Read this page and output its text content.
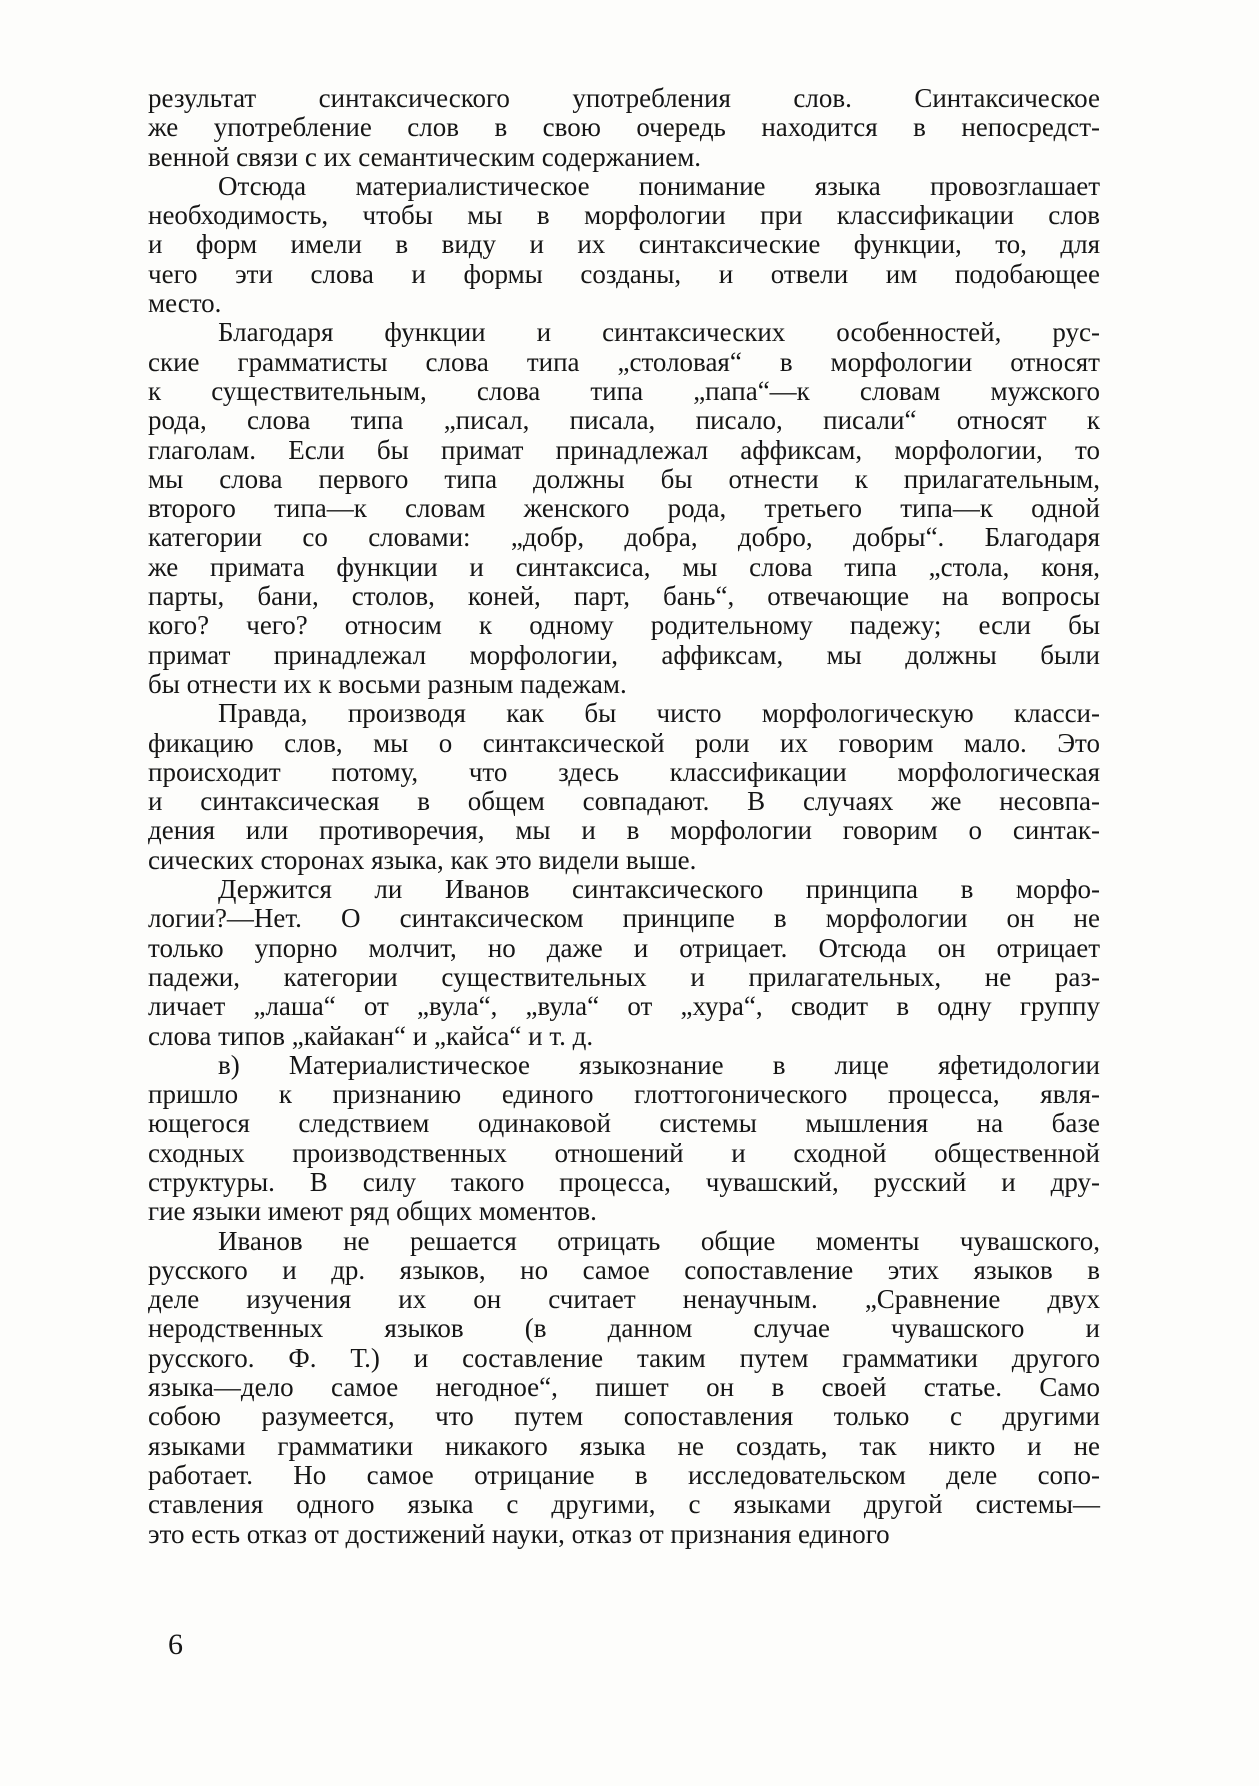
результат синтаксического употребления слов. Синтаксическое
же употребление слов в свою очередь находится в непосредст-
венной связи с их семантическим содержанием.
Отсюда материалистическое понимание языка провозглашает
необходимость, чтобы мы в морфологии при классификации слов
и форм имели в виду и их синтаксические функции, то, для
чего эти слова и формы созданы, и отвели им подобающее
место.
Благодаря функции и синтаксических особенностей, рус-
ские грамматисты слова типа „столовая“ в морфологии относят
к существительным, слова типа „папа“—к словам мужского
рода, слова типа „писал, писала, писало, писали“ относят к
глаголам. Если бы примат принадлежал аффиксам, морфологии, то
мы слова первого типа должны бы отнести к прилагательным,
второго типа—к словам женского рода, третьего типа—к одной
категории со словами: „добр, добра, добро, добры“. Благодаря
же примата функции и синтаксиса, мы слова типа „стола, коня,
парты, бани, столов, коней, парт, бань“, отвечающие на вопросы
кого? чего? относим к одному родительному падежу; если бы
примат принадлежал морфологии, аффиксам, мы должны были
бы отнести их к восьми разным падежам.
Правда, производя как бы чисто морфологическую класси-
фикацию слов, мы о синтаксической роли их говорим мало. Это
происходит потому, что здесь классификации морфологическая
и синтаксическая в общем совпадают. В случаях же несовпа-
дения или противоречия, мы и в морфологии говорим о синтак-
сических сторонах языка, как это видели выше.
Держится ли Иванов синтаксического принципа в морфо-
логии?—Нет. О синтаксическом принципе в морфологии он не
только упорно молчит, но даже и отрицает. Отсюда он отрицает
падежи, категории существительных и прилагательных, не раз-
личает „лаша“ от „вула“, „вула“ от „хура“, сводит в одну группу
слова типов „кайакан“ и „кайса“ и т. д.
в) Материалистическое языкознание в лице яфетидологии
пришло к признанию единого глоттогонического процесса, явля-
ющегося следствием одинаковой системы мышления на базе
сходных производственных отношений и сходной общественной
структуры. В силу такого процесса, чувашский, русский и дру-
гие языки имеют ряд общих моментов.
Иванов не решается отрицать общие моменты чувашского,
русского и др. языков, но самое сопоставление этих языков в
деле изучения их он считает ненаучным. „Сравнение двух
неродственных языков (в данном случае чувашского и
русского. Ф. Т.) и составление таким путем грамматики другого
языка—дело самое негодное“, пишет он в своей статье. Само
собою разумеется, что путем сопоставления только с другими
языками грамматики никакого языка не создать, так никто и не
работает. Но самое отрицание в исследовательском деле сопо-
ставления одного языка с другими, с языками другой системы—
это есть отказ от достижений науки, отказ от признания единого
6
